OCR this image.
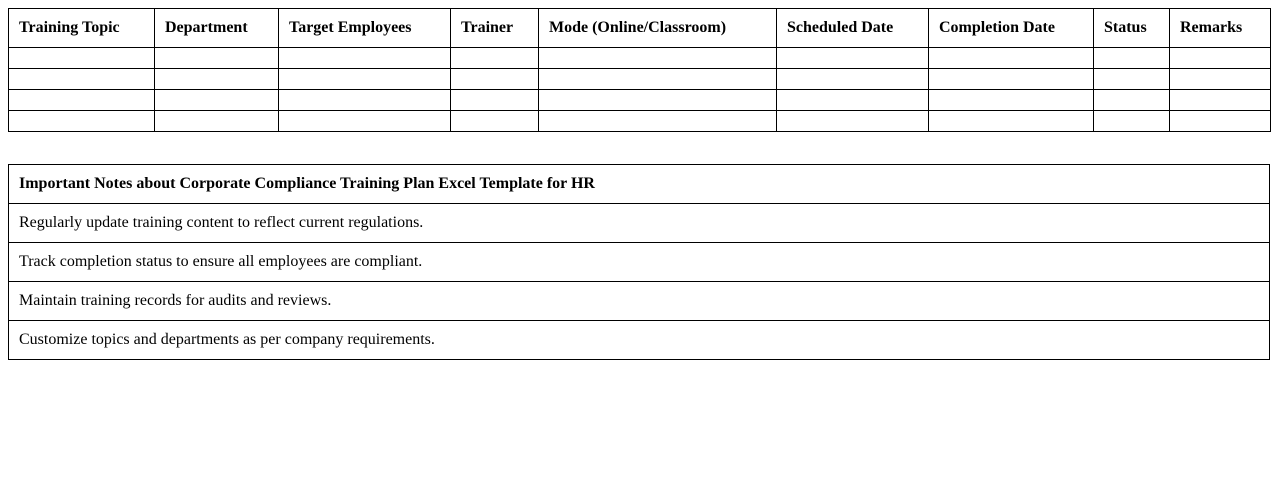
Training Topic	Department	Target Employees	Trainer	Mode (Online/Classroom)	Scheduled Date	Completion Date	Status	Remarks

Important Notes about Corporate Compliance Training Plan Excel Template for HR
Regularly update training content to reflect current regulations.
Track completion status to ensure all employees are compliant.
Maintain training records for audits and reviews.
Customize topics and departments as per company requirements.
